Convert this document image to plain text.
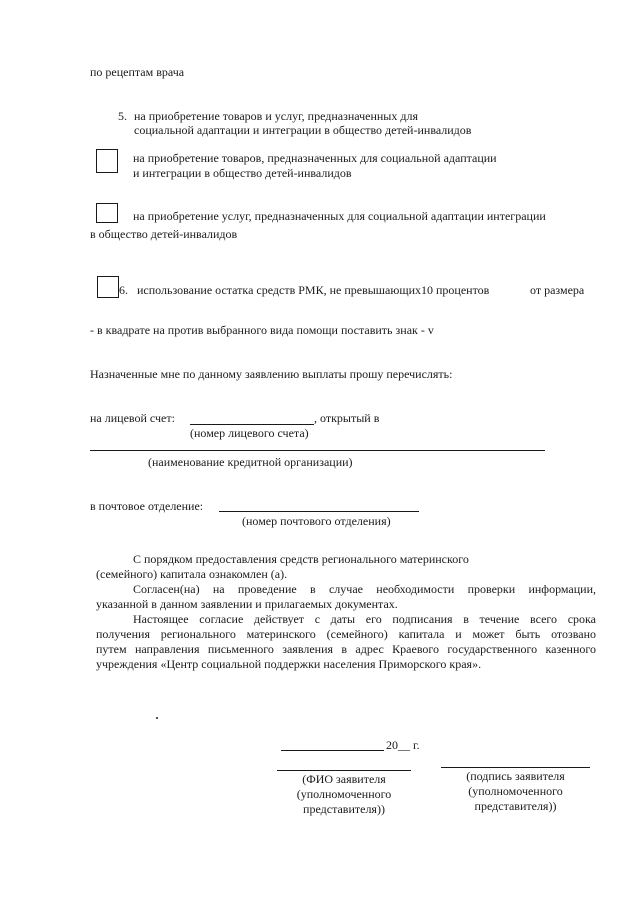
по рецептам врача
5. на приобретение товаров и услуг, предназначенных для
социальной адаптации и интеграции в общество детей-инвалидов
на приобретение товаров, предназначенных для социальной адаптации
и интеграции в общество детей-инвалидов
на приобретение услуг, предназначенных для социальной адаптации интеграции
в общество детей-инвалидов
6. использование остатка средств РМК, не превышающих10 процентов	от размера
- в квадрате на против выбранного вида помощи поставить знак - v
Назначенные мне по данному заявлению выплаты прошу перечислять:
на лицевой счет:	, открытый в
(номер лицевого счета)
(наименование кредитной организации)
в почтовое отделение:
(номер почтового отделения)
С порядком предоставления средств регионального материнского
(семейного) капитала ознакомлен (а).
Согласен(на) на проведение в случае необходимости проверки информации,
указанной в данном заявлении и прилагаемых документах.
Настоящее согласие действует с даты его подписания в течение всего срока
получения регионального материнского (семейного) капитала и может быть отозвано
путем направления письменного заявления в адрес Краевого государственного казенного
учреждения «Центр социальной поддержки населения Приморского края».
20__ г.
(ФИО заявителя
(уполномоченного
представителя))
(подпись заявителя
(уполномоченного
представителя))
